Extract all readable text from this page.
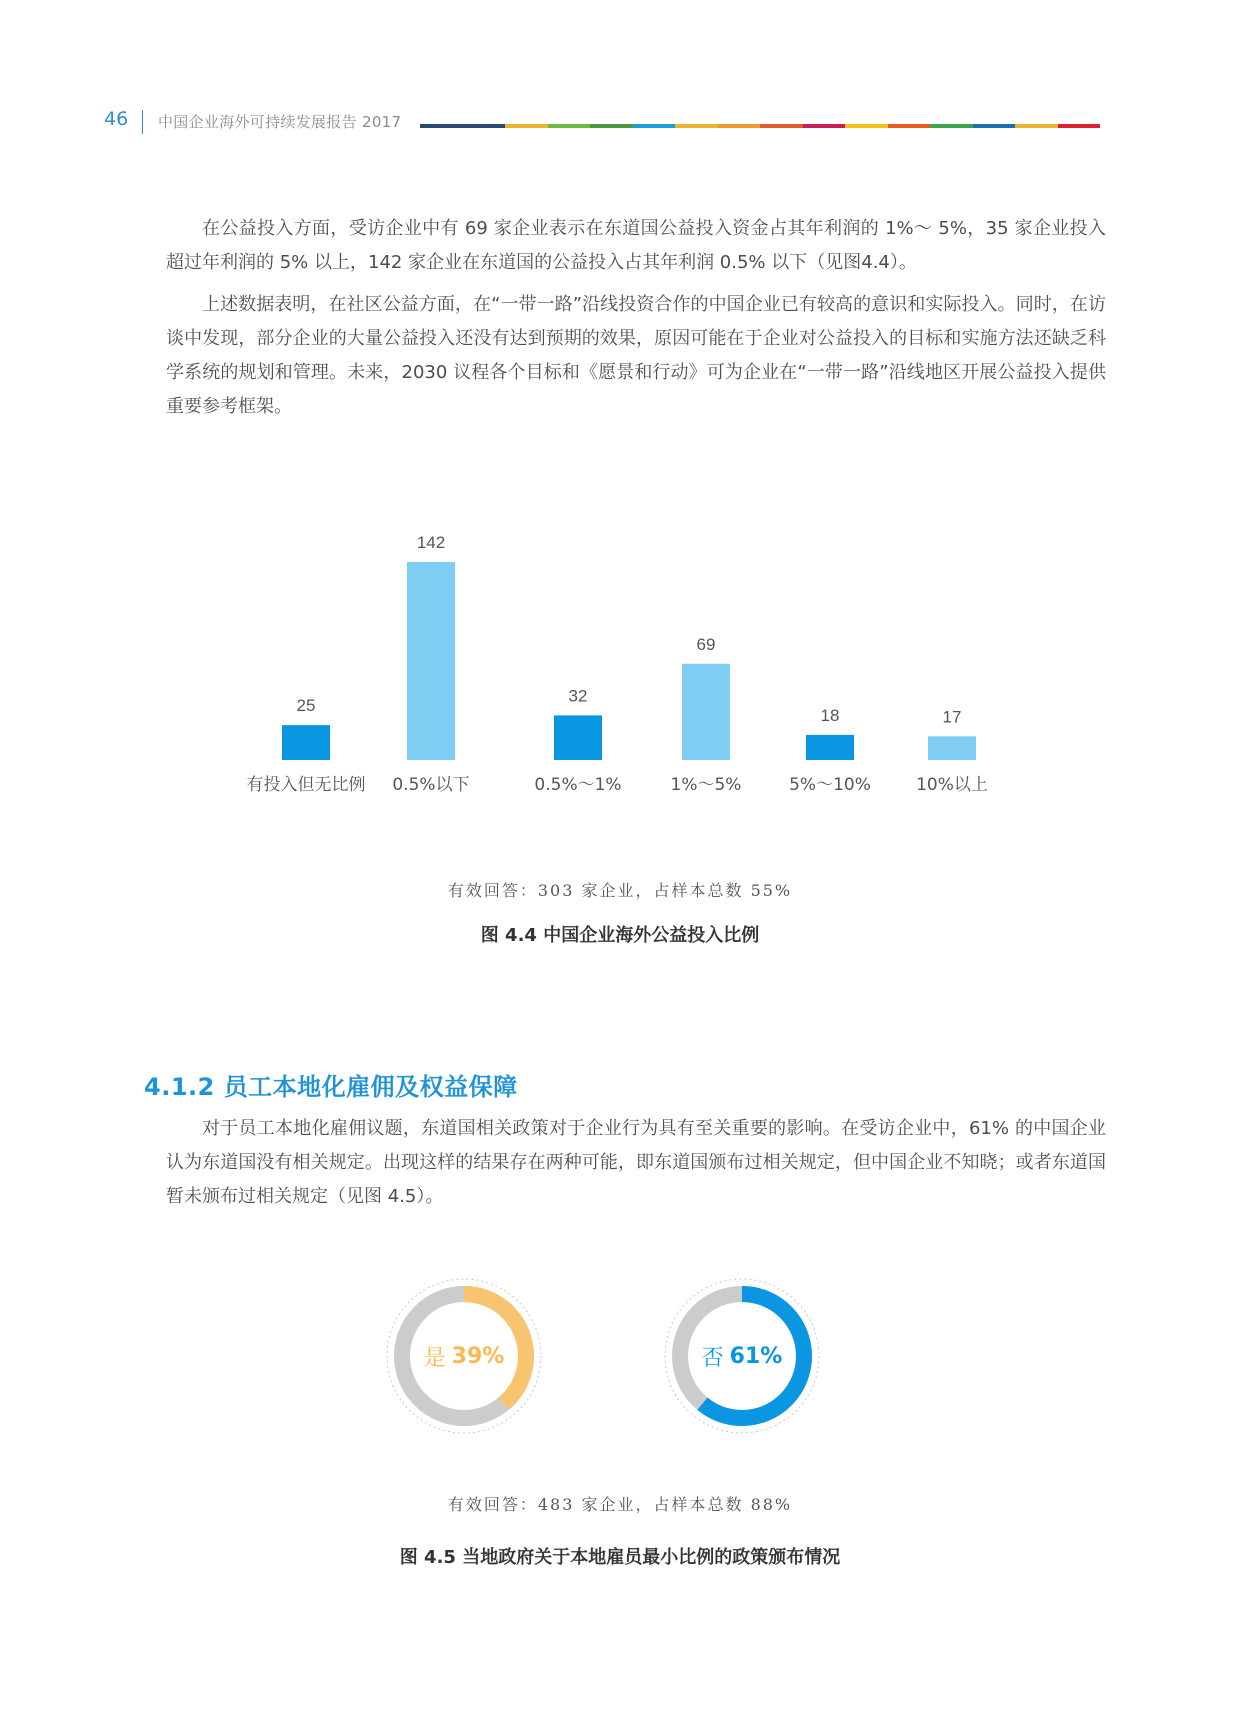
46 中国企业海外可持续发展报告 2017

在公益投入方面，受访企业中有 69 家企业表示在东道国公益投入资金占其年利润的 1%～ 5%，35 家企业投入超过年利润的 5% 以上，142 家企业在东道国的公益投入占其年利润 0.5% 以下（见图4.4）。

上述数据表明，在社区公益方面，在“一带一路”沿线投资合作的中国企业已有较高的意识和实际投入。同时，在访谈中发现，部分企业的大量公益投入还没有达到预期的效果，原因可能在于企业对公益投入的目标和实施方法还缺乏科学系统的规划和管理。未来，2030 议程各个目标和《愿景和行动》可为企业在“一带一路”沿线地区开展公益投入提供重要参考框架。

25
有投入但无比例
142
0.5%以下
32
0.5%～1%
69
1%～5%
18
5%～10%
17
10%以上
有效回答：303 家企业，占样本总数 55%
图 4.4 中国企业海外公益投入比例
4.1.2 员工本地化雇佣及权益保障

对于员工本地化雇佣议题，东道国相关政策对于企业行为具有至关重要的影响。在受访企业中，61% 的中国企业认为东道国没有相关规定。出现这样的结果存在两种可能，即东道国颁布过相关规定，但中国企业不知晓；或者东道国暂未颁布过相关规定（见图 4.5）。

是 39%	否 61%
有效回答：483 家企业，占样本总数 88%
图 4.5 当地政府关于本地雇员最小比例的政策颁布情况
